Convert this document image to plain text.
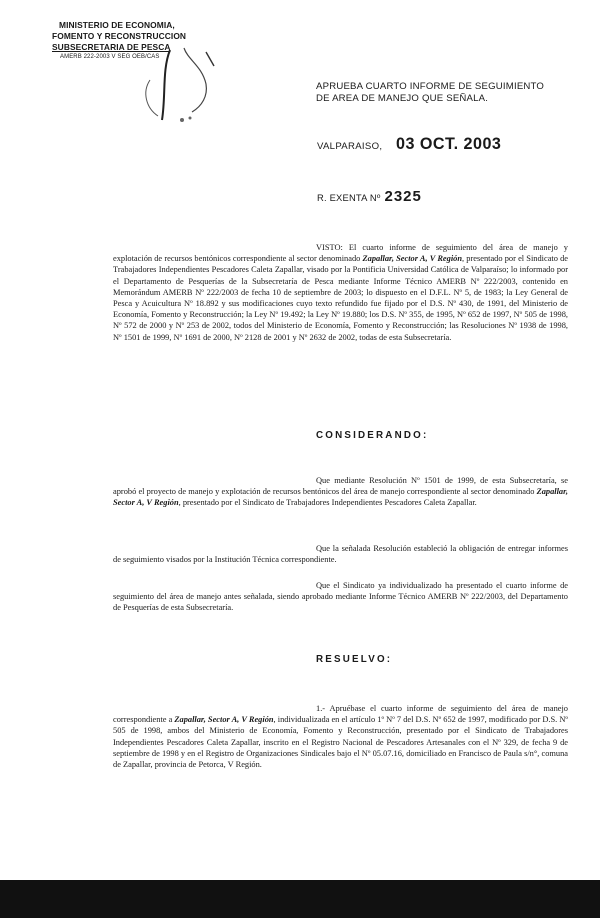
MINISTERIO DE ECONOMIA,
FOMENTO Y RECONSTRUCCION
SUBSECRETARIA DE PESCA
AMERB 222-2003 V SEG OEB/CAS
APRUEBA CUARTO INFORME DE SEGUIMIENTO
DE AREA DE MANEJO QUE SEÑALA.
VALPARAISO, 03 OCT. 2003
R. EXENTA Nº 2325
VISTO: El cuarto informe de seguimiento del área de manejo y explotación de recursos bentónicos correspondiente al sector denominado Zapallar, Sector A, V Región, presentado por el Sindicato de Trabajadores Independientes Pescadores Caleta Zapallar, visado por la Pontificia Universidad Católica de Valparaíso; lo informado por el Departamento de Pesquerías de la Subsecretaría de Pesca mediante Informe Técnico AMERB Nº 222/2003, contenido en Memorándum AMERB Nº 222/2003 de fecha 10 de septiembre de 2003; lo dispuesto en el D.F.L. Nº 5, de 1983; la Ley General de Pesca y Acuicultura Nº 18.892 y sus modificaciones cuyo texto refundido fue fijado por el D.S. Nº 430, de 1991, del Ministerio de Economía, Fomento y Reconstrucción; la Ley Nº 19.492; la Ley Nº 19.880; los D.S. Nº 355, de 1995, Nº 652 de 1997, Nº 505 de 1998, Nº 572 de 2000 y Nº 253 de 2002, todos del Ministerio de Economía, Fomento y Reconstrucción; las Resoluciones Nº 1938 de 1998, Nº 1501 de 1999, Nº 1691 de 2000, Nº 2128 de 2001 y Nº 2632 de 2002, todas de esta Subsecretaría.
CONSIDERANDO:
Que mediante Resolución Nº 1501 de 1999, de esta Subsecretaría, se aprobó el proyecto de manejo y explotación de recursos bentónicos del área de manejo correspondiente al sector denominado Zapallar, Sector A, V Región, presentado por el Sindicato de Trabajadores Independientes Pescadores Caleta Zapallar.
Que la señalada Resolución estableció la obligación de entregar informes de seguimiento visados por la Institución Técnica correspondiente.
Que el Sindicato ya individualizado ha presentado el cuarto informe de seguimiento del área de manejo antes señalada, siendo aprobado mediante Informe Técnico AMERB Nº 222/2003, del Departamento de Pesquerías de esta Subsecretaría.
RESUELVO:
1.- Apruébase el cuarto informe de seguimiento del área de manejo correspondiente a Zapallar, Sector A, V Región, individualizada en el artículo 1º Nº 7 del D.S. Nº 652 de 1997, modificado por D.S. Nº 505 de 1998, ambos del Ministerio de Economía, Fomento y Reconstrucción, presentado por el Sindicato de Trabajadores Independientes Pescadores Caleta Zapallar, inscrito en el Registro Nacional de Pescadores Artesanales con el Nº 329, de fecha 9 de septiembre de 1998 y en el Registro de Organizaciones Sindicales bajo el Nº 05.07.16, domiciliado en Francisco de Paula s/n°, comuna de Zapallar, provincia de Petorca, V Región.
